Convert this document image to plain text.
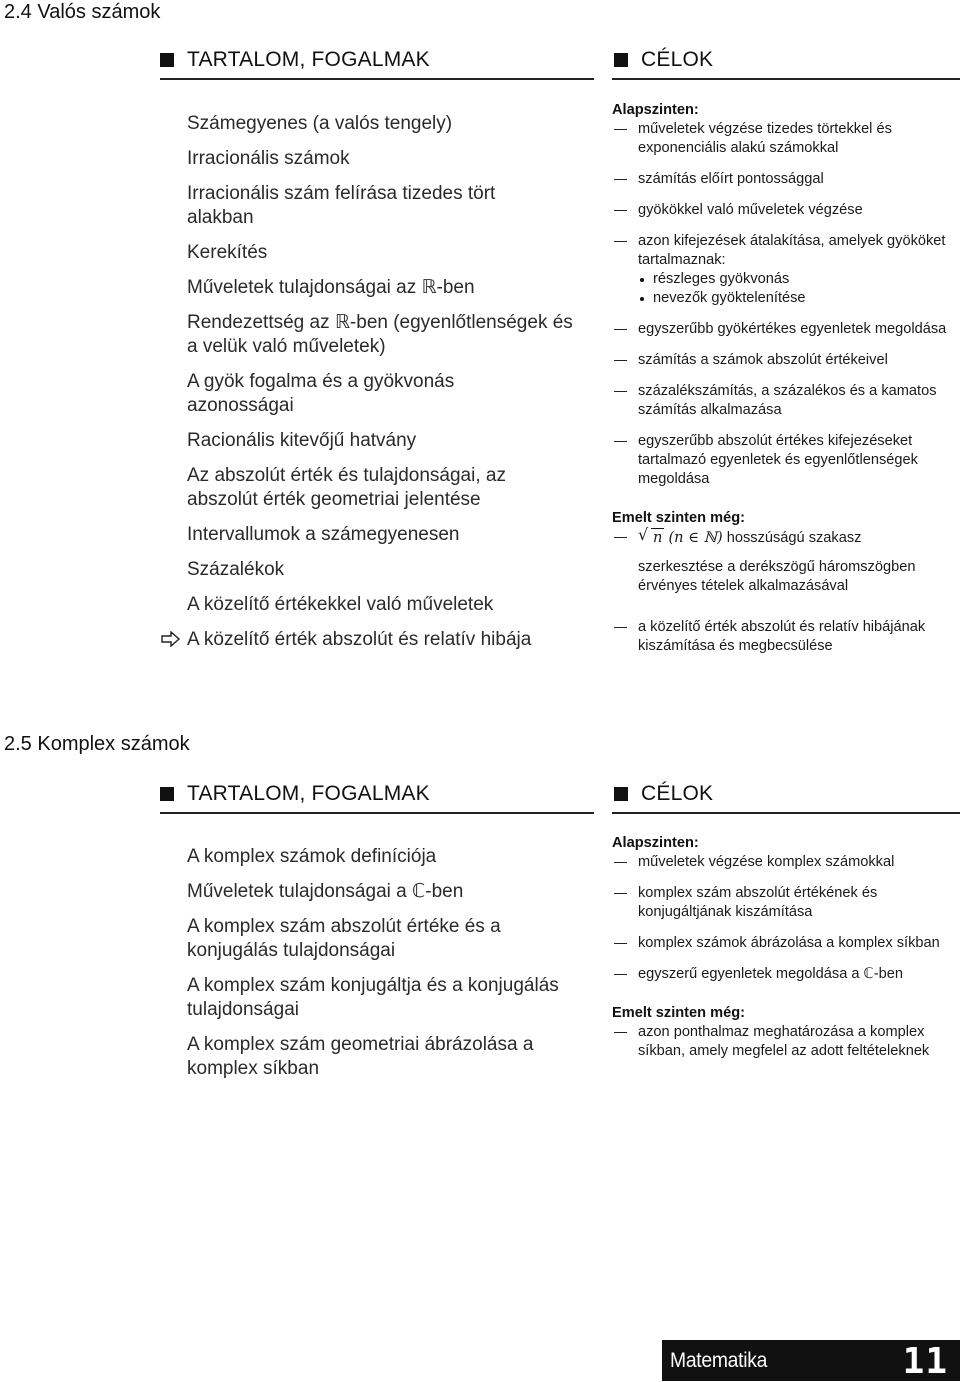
2.4 Valós számok
TARTALOM, FOGALMAK	CÉLOK
Számegyenes (a valós tengely)
Irracionális számok
Irracionális szám felírása tizedes tört alakban
Kerekítés
Műveletek tulajdonságai az ℝ-ben
Rendezettség az ℝ-ben (egyenlőtlenségek és a velük való műveletek)
A gyök fogalma és a gyökvonás azonosságai
Racionális kitevőjű hatvány
Az abszolút érték és tulajdonságai, az abszolút érték geometriai jelentése
Intervallumok a számegyenesen
Százalékok
A közelítő értékekkel való műveletek
A közelítő érték abszolút és relatív hibája
Alapszinten:
műveletek végzése tizedes törtekkel és exponenciális alakú számokkal
számítás előírt pontossággal
gyökökkel való műveletek végzése
azon kifejezések átalakítása, amelyek gyököket tartalmaznak:
részleges gyökvonás
nevezők gyöktelenítése
egyszerűbb gyökértékes egyenletek megoldása
számítás a számok abszolút értékeivel
százalékszámítás, a százalékos és a kamatos számítás alkalmazása
egyszerűbb abszolút értékes kifejezéseket tartalmazó egyenletek és egyenlőtlenségek megoldása
Emelt szinten még:
√ n (n ∈ ℕ) hosszúságú szakasz
szerkesztése a derékszögű háromszögben érvényes tételek alkalmazásával
a közelítő érték abszolút és relatív hibájának kiszámítása és megbecsülése
2.5 Komplex számok
TARTALOM, FOGALMAK	CÉLOK
A komplex számok definíciója
Műveletek tulajdonságai a ℂ-ben
A komplex szám abszolút értéke és a konjugálás tulajdonságai
A komplex szám konjugáltja és a konjugálás tulajdonságai
A komplex szám geometriai ábrázolása a komplex síkban
Alapszinten:
műveletek végzése komplex számokkal
komplex szám abszolút értékének és konjugáltjának kiszámítása
komplex számok ábrázolása a komplex síkban
egyszerű egyenletek megoldása a ℂ-ben
Emelt szinten még:
azon ponthalmaz meghatározása a komplex síkban, amely megfelel az adott feltételeknek
Matematika	11
